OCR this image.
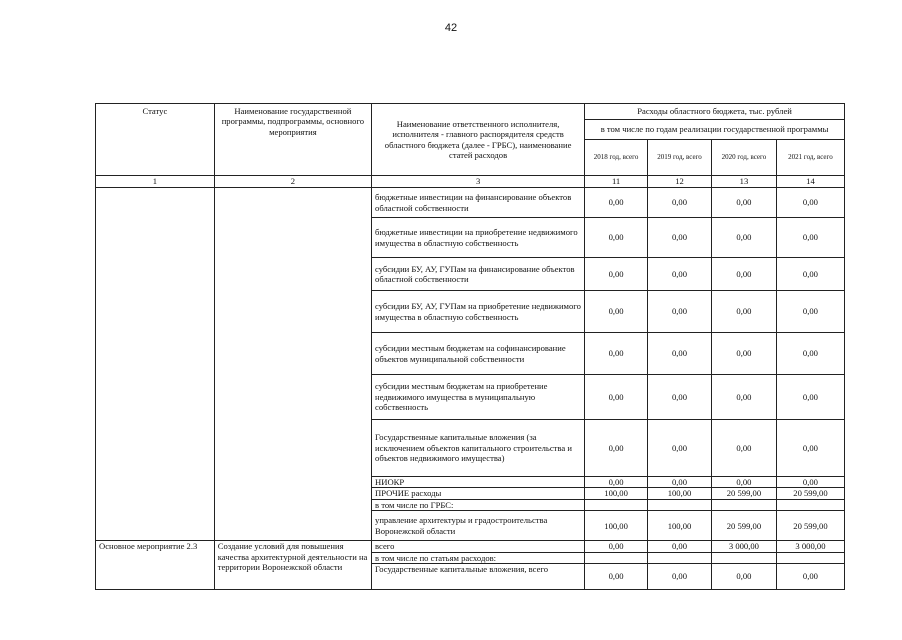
42
Статус	Наименование государственной программы, подпрограммы, основного мероприятия	Наименование ответственного исполнителя, исполнителя - главного распорядителя средств областного бюджета (далее - ГРБС), наименование статей расходов	Расходы областного бюджета, тыс. рублей			
			в том числе по годам реализации государственной программы			
			2018 год, всего	2019 год, всего	2020 год, всего	2021 год, всего
1	2	3	11	12	13	14
		бюджетные инвестиции на финансирование объектов областной собственности	0,00	0,00	0,00	0,00
		бюджетные инвестиции на приобретение недвижимого имущества в областную собственность	0,00	0,00	0,00	0,00
		субсидии БУ, АУ, ГУПам на финансирование объектов областной собственности	0,00	0,00	0,00	0,00
		субсидии БУ, АУ, ГУПам на приобретение недвижимого имущества в областную собственность	0,00	0,00	0,00	0,00
		субсидии местным бюджетам на софинансирование объектов муниципальной собственности	0,00	0,00	0,00	0,00
		субсидии местным бюджетам на приобретение недвижимого имущества в муниципальную собственность	0,00	0,00	0,00	0,00
		Государственные капитальные вложения (за исключением объектов капитального строительства и объектов недвижимого имущества)	0,00	0,00	0,00	0,00
		НИОКР	0,00	0,00	0,00	0,00
		ПРОЧИЕ расходы	100,00	100,00	20 599,00	20 599,00
		в том числе по ГРБС:				
		управление архитектуры и градостроительства Воронежской области	100,00	100,00	20 599,00	20 599,00
Основное мероприятие 2.3	Создание условий для повышения качества архитектурной деятельности на территории Воронежской области	всего	0,00	0,00	3 000,00	3 000,00
		в том числе по статьям расходов:				
		Государственные капитальные вложения, всего	0,00	0,00	0,00	0,00
